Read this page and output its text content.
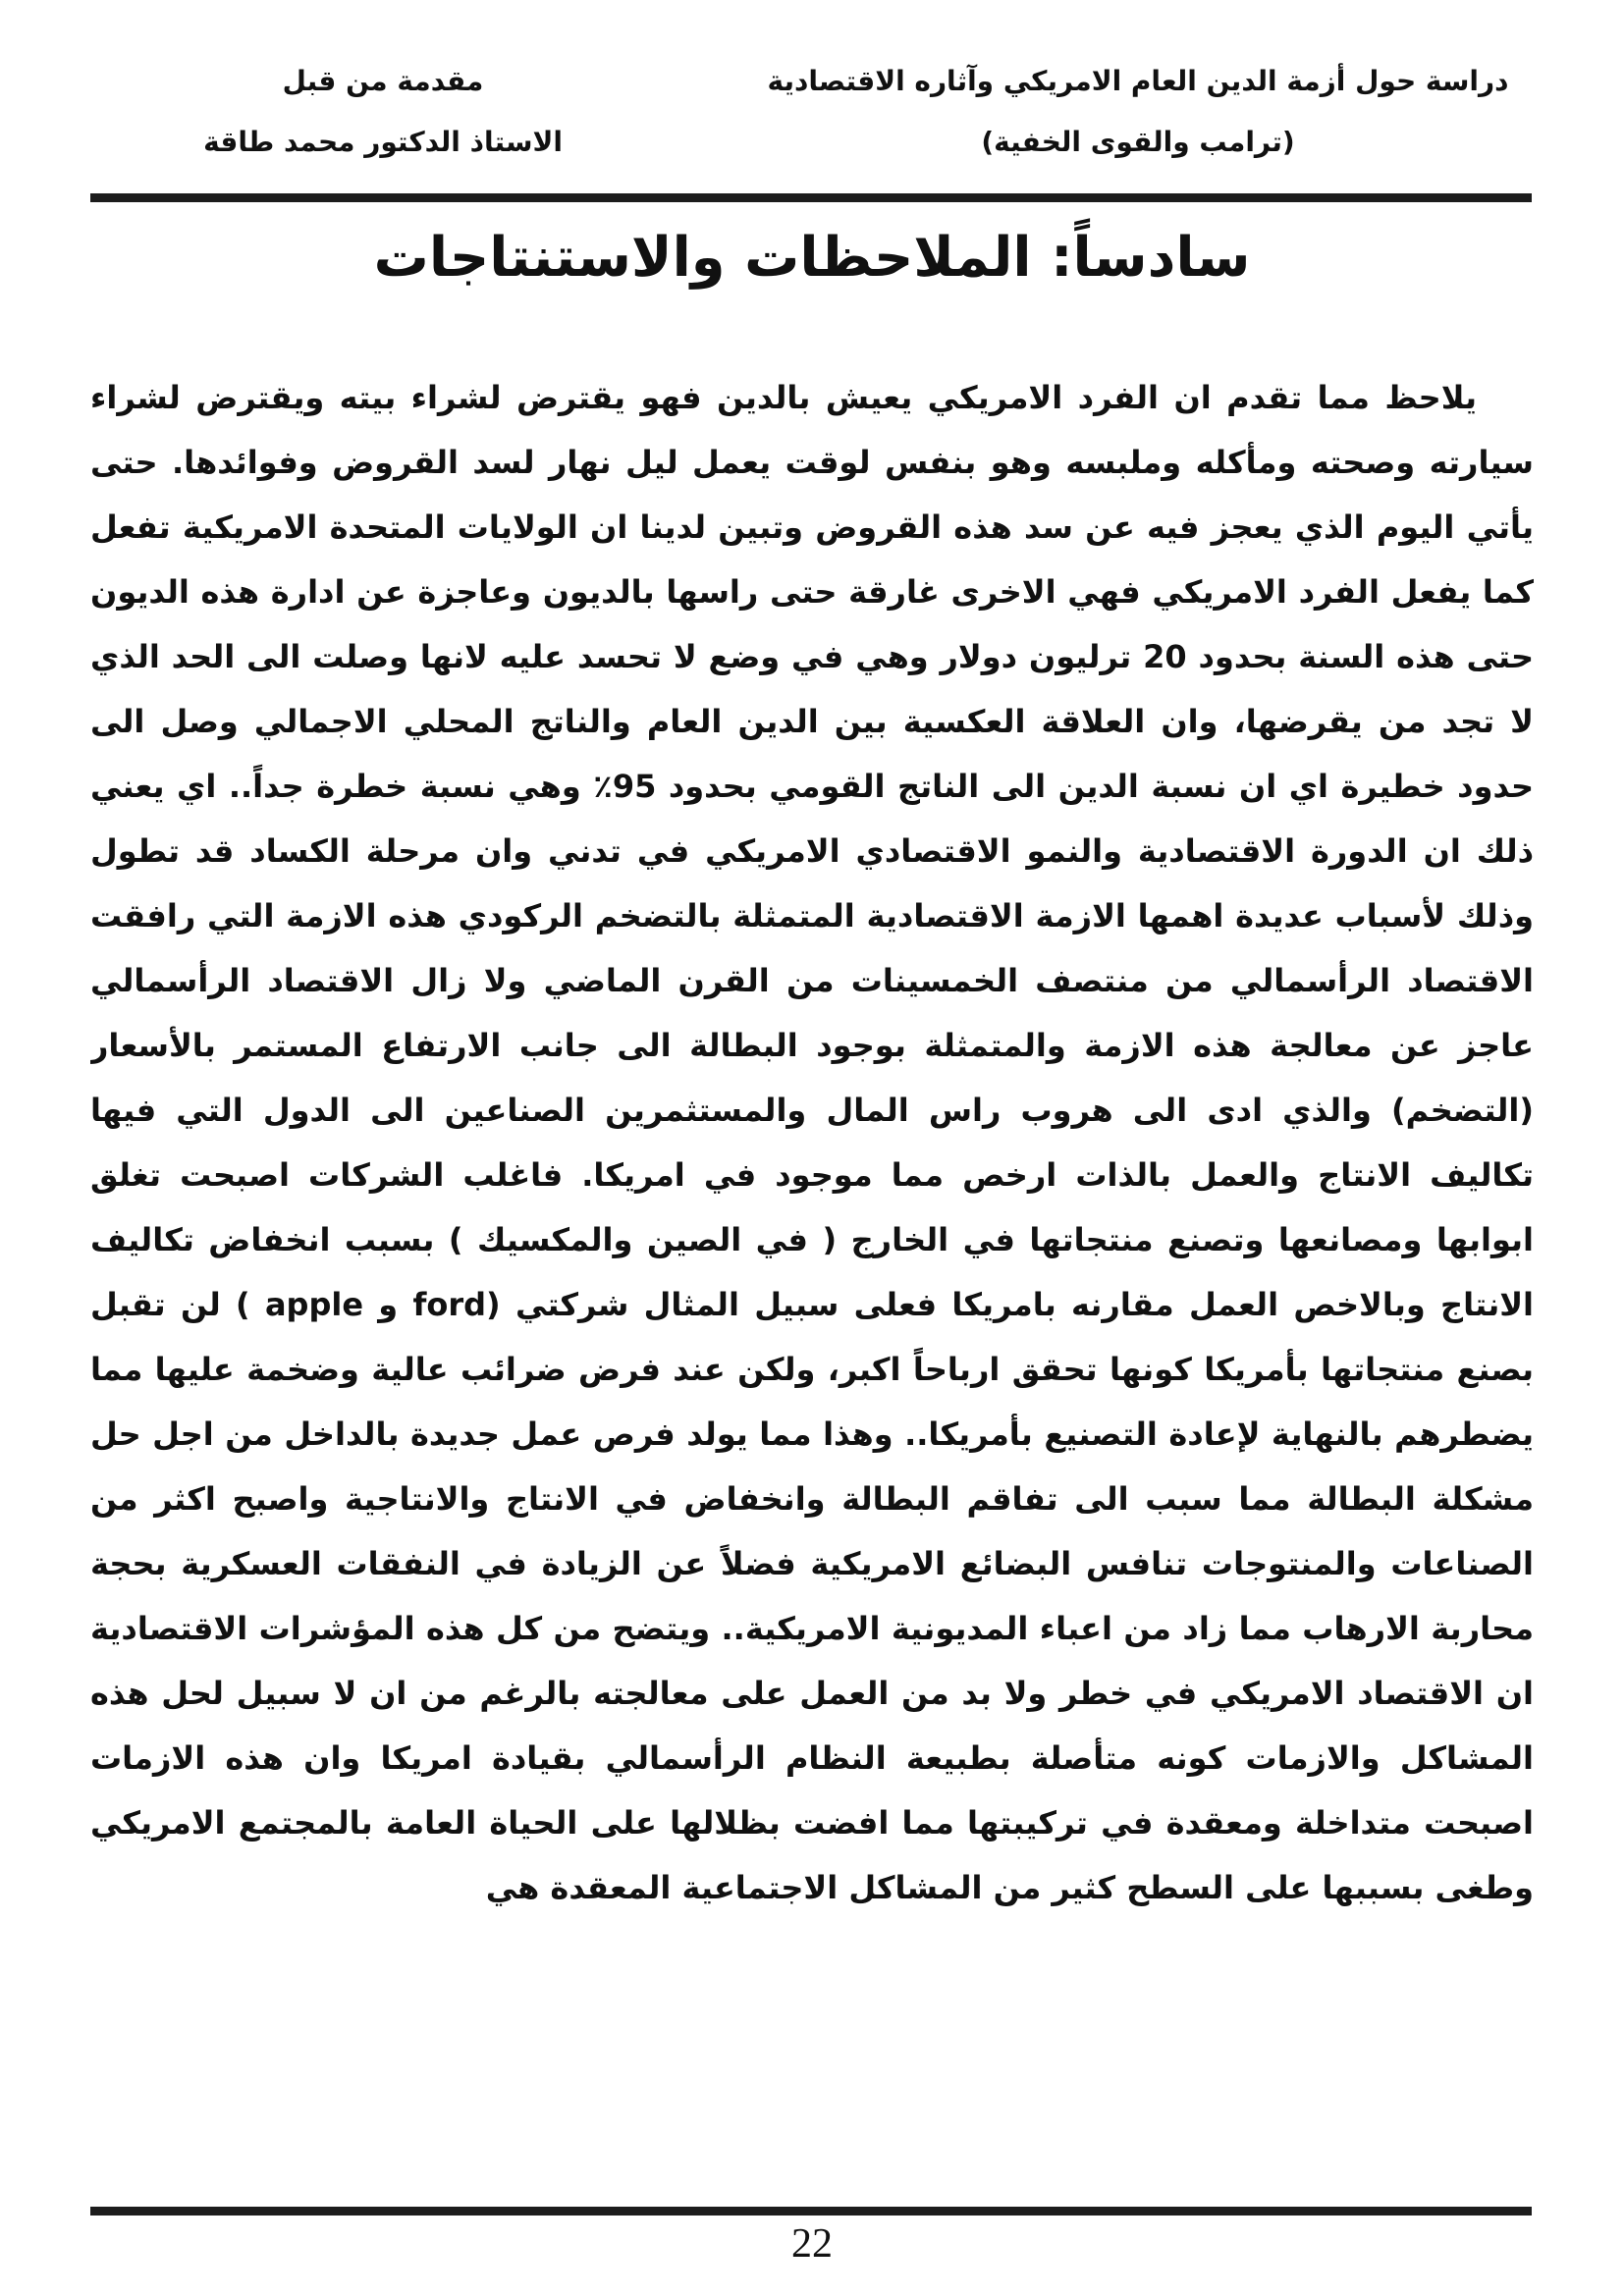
دراسة حول أزمة الدين العام الامريكي وآثاره الاقتصادية
(ترامب والقوى الخفية)
مقدمة من قبل
الاستاذ الدكتور محمد طاقة
سادساً: الملاحظات والاستنتاجات

يلاحظ مما تقدم ان الفرد الامريكي يعيش بالدين فهو يقترض لشراء بيته ويقترض لشراء سيارته وصحته ومأكله وملبسه وهو بنفس لوقت يعمل ليل نهار لسد القروض وفوائدها. حتى يأتي اليوم الذي يعجز فيه عن سد هذه القروض وتبين لدينا ان الولايات المتحدة الامريكية تفعل كما يفعل الفرد الامريكي فهي الاخرى غارقة حتى راسها بالديون وعاجزة عن ادارة هذه الديون حتى هذه السنة بحدود 20 ترليون دولار وهي في وضع لا تحسد عليه لانها وصلت الى الحد الذي لا تجد من يقرضها، وان العلاقة العكسية بين الدين العام والناتج المحلي الاجمالي وصل الى حدود خطيرة اي ان نسبة الدين الى الناتج القومي بحدود 95٪ وهي نسبة خطرة جداً.. اي يعني ذلك ان الدورة الاقتصادية والنمو الاقتصادي الامريكي في تدني وان مرحلة الكساد قد تطول وذلك لأسباب عديدة اهمها الازمة الاقتصادية المتمثلة بالتضخم الركودي هذه الازمة التي رافقت الاقتصاد الرأسمالي من منتصف الخمسينات من القرن الماضي ولا زال الاقتصاد الرأسمالي عاجز عن معالجة هذه الازمة والمتمثلة بوجود البطالة الى جانب الارتفاع المستمر بالأسعار (التضخم) والذي ادى الى هروب راس المال والمستثمرين الصناعين الى الدول التي فيها تكاليف الانتاج والعمل بالذات ارخص مما موجود في امريكا. فاغلب الشركات اصبحت تغلق ابوابها ومصانعها وتصنع منتجاتها في الخارج ( في الصين والمكسيك ) بسبب انخفاض تكاليف الانتاج وبالاخص العمل مقارنه بامريكا فعلى سبيل المثال شركتي (ford و apple ) لن تقبل بصنع منتجاتها بأمريكا كونها تحقق ارباحاً اكبر، ولكن عند فرض ضرائب عالية وضخمة عليها مما يضطرهم بالنهاية لإعادة التصنيع بأمريكا.. وهذا مما يولد فرص عمل جديدة بالداخل من اجل حل مشكلة البطالة مما سبب الى تفاقم البطالة وانخفاض في الانتاج والانتاجية واصبح اكثر من الصناعات والمنتوجات تنافس البضائع الامريكية فضلاً عن الزيادة في النفقات العسكرية بحجة محاربة الارهاب مما زاد من اعباء المديونية الامريكية.. ويتضح من كل هذه المؤشرات الاقتصادية ان الاقتصاد الامريكي في خطر ولا بد من العمل على معالجته بالرغم من ان لا سبيل لحل هذه المشاكل والازمات كونه متأصلة بطبيعة النظام الرأسمالي بقيادة امريكا وان هذه الازمات اصبحت متداخلة ومعقدة في تركيبتها مما افضت بظلالها على الحياة العامة بالمجتمع الامريكي وطغى بسببها على السطح كثير من المشاكل الاجتماعية المعقدة هي

22
